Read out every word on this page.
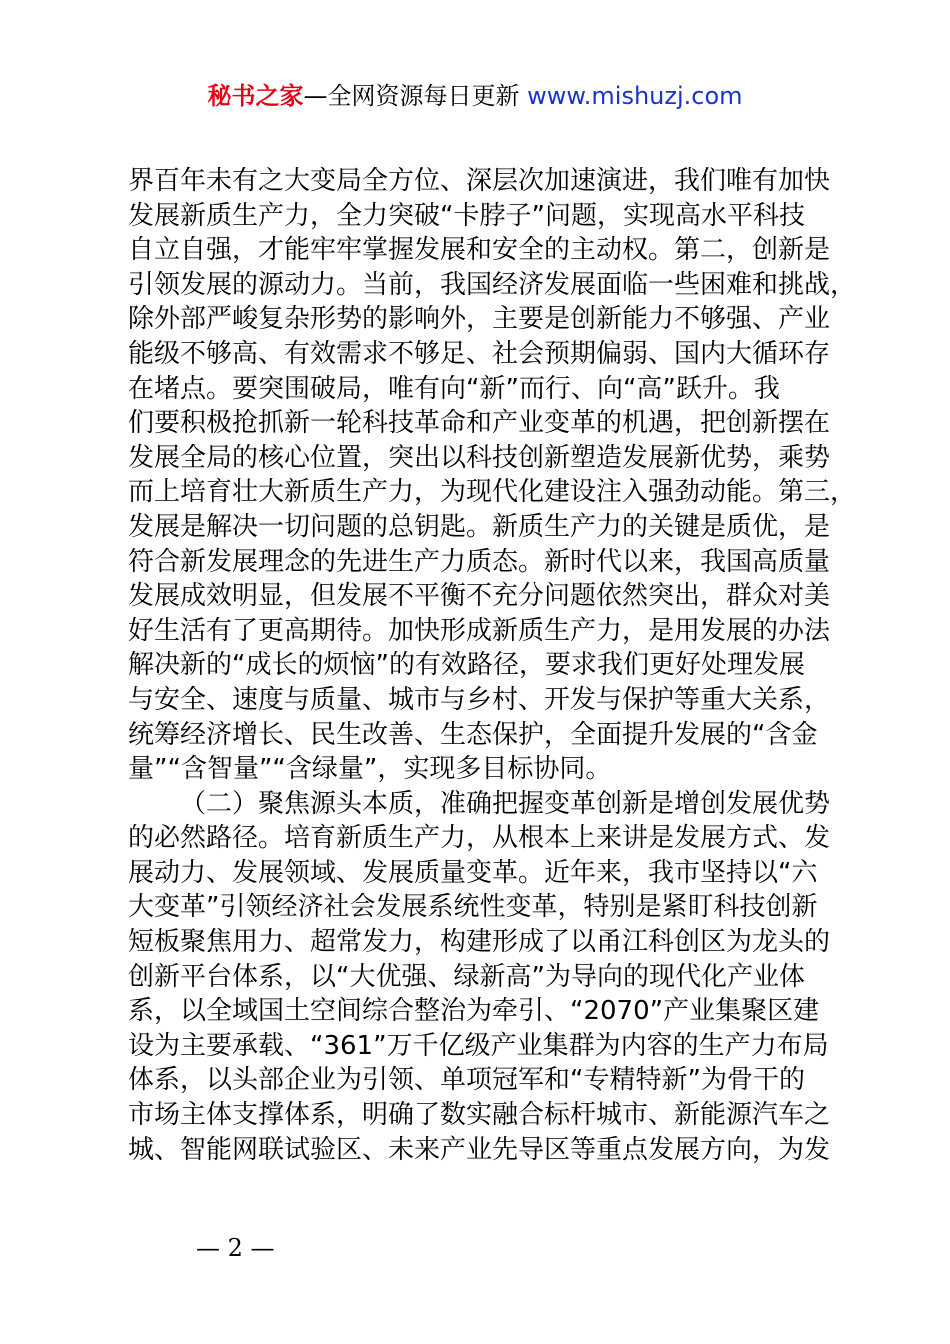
秘书之家—全网资源每日更新 www.mishuzj.com
界百年未有之大变局全方位、深层次加速演进，我们唯有加快
发展新质生产力，全力突破“卡脖子”问题，实现高水平科技
自立自强，才能牢牢掌握发展和安全的主动权。第二，创新是
引领发展的源动力。当前，我国经济发展面临一些困难和挑战，
除外部严峻复杂形势的影响外，主要是创新能力不够强、产业
能级不够高、有效需求不够足、社会预期偏弱、国内大循环存
在堵点。要突围破局，唯有向“新”而行、向“高”跃升。我
们要积极抢抓新一轮科技革命和产业变革的机遇，把创新摆在
发展全局的核心位置，突出以科技创新塑造发展新优势，乘势
而上培育壮大新质生产力，为现代化建设注入强劲动能。第三，
发展是解决一切问题的总钥匙。新质生产力的关键是质优，是
符合新发展理念的先进生产力质态。新时代以来，我国高质量
发展成效明显，但发展不平衡不充分问题依然突出，群众对美
好生活有了更高期待。加快形成新质生产力，是用发展的办法
解决新的“成长的烦恼”的有效路径，要求我们更好处理发展
与安全、速度与质量、城市与乡村、开发与保护等重大关系，
统筹经济增长、民生改善、生态保护，全面提升发展的“含金
量”“含智量”“含绿量”，实现多目标协同。
（二）聚焦源头本质，准确把握变革创新是增创发展优势
的必然路径。培育新质生产力，从根本上来讲是发展方式、发
展动力、发展领域、发展质量变革。近年来，我市坚持以“六
大变革”引领经济社会发展系统性变革，特别是紧盯科技创新
短板聚焦用力、超常发力，构建形成了以甬江科创区为龙头的
创新平台体系，以“大优强、绿新高”为导向的现代化产业体
系，以全域国土空间综合整治为牵引、“2070”产业集聚区建
设为主要承载、“361”万千亿级产业集群为内容的生产力布局
体系，以头部企业为引领、单项冠军和“专精特新”为骨干的
市场主体支撑体系，明确了数实融合标杆城市、新能源汽车之
城、智能网联试验区、未来产业先导区等重点发展方向，为发
— 2 —
